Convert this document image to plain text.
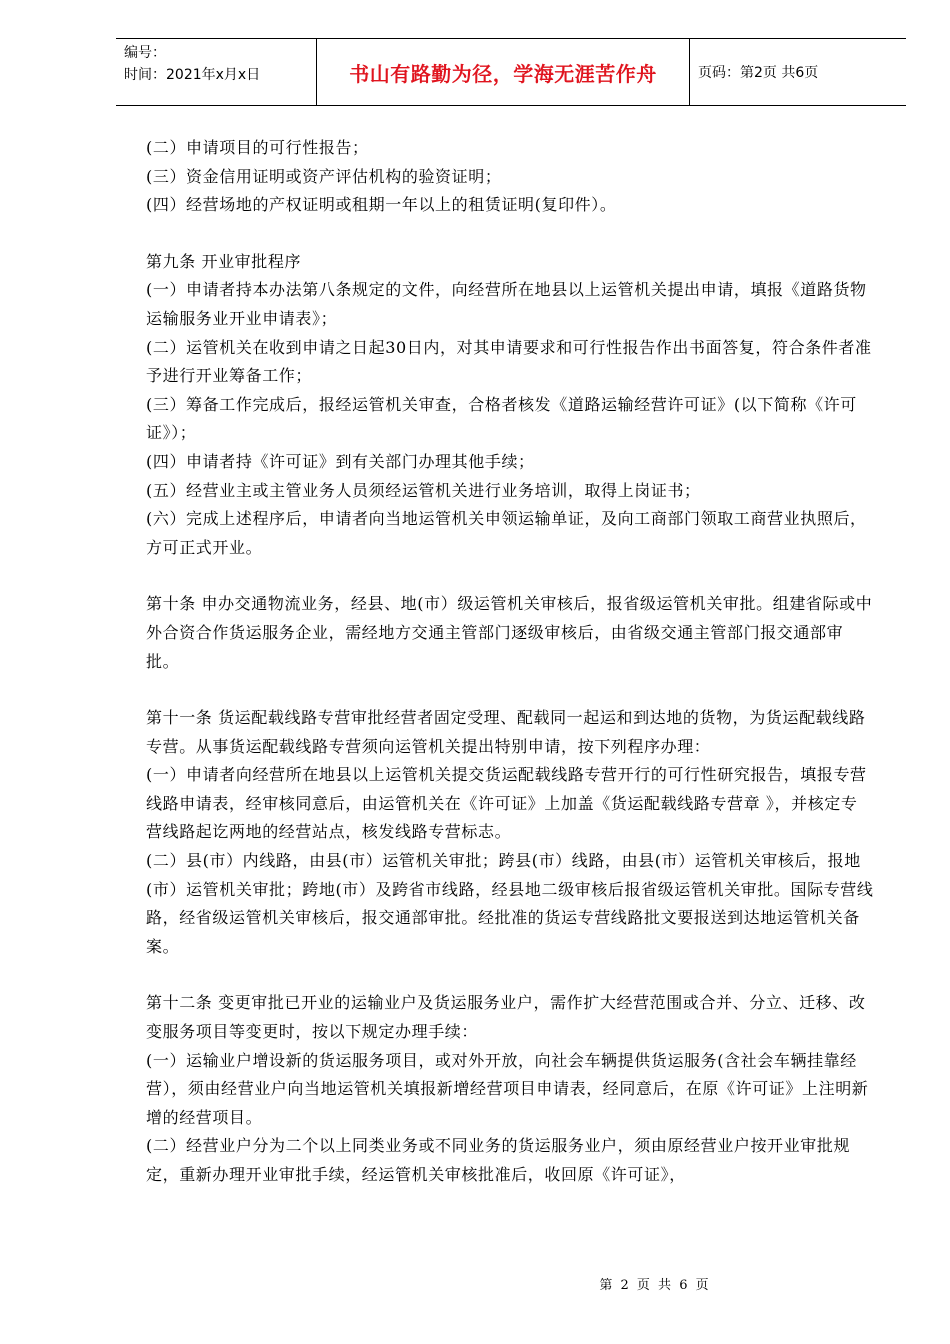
编号：
时间：2021年x月x日	书山有路勤为径，学海无涯苦作舟	页码：第2页 共6页

(二）申请项目的可行性报告；

(三）资金信用证明或资产评估机构的验资证明；

(四）经营场地的产权证明或租期一年以上的租赁证明(复印件）。

第九条 开业审批程序

(一）申请者持本办法第八条规定的文件，向经营所在地县以上运管机关提出申请，填报《道路货物运输服务业开业申请表》；

(二）运管机关在收到申请之日起30日内，对其申请要求和可行性报告作出书面答复，符合条件者准予进行开业筹备工作；

(三）筹备工作完成后，报经运管机关审查，合格者核发《道路运输经营许可证》(以下简称《许可证》）；

(四）申请者持《许可证》到有关部门办理其他手续；

(五）经营业主或主管业务人员须经运管机关进行业务培训，取得上岗证书；

(六）完成上述程序后，申请者向当地运管机关申领运输单证，及向工商部门领取工商营业执照后，方可正式开业。

第十条 申办交通物流业务，经县、地(市）级运管机关审核后，报省级运管机关审批。组建省际或中外合资合作货运服务企业，需经地方交通主管部门逐级审核后，由省级交通主管部门报交通部审批。

第十一条 货运配载线路专营审批经营者固定受理、配载同一起运和到达地的货物，为货运配载线路专营。从事货运配载线路专营须向运管机关提出特别申请，按下列程序办理：

(一）申请者向经营所在地县以上运管机关提交货运配载线路专营开行的可行性研究报告，填报专营线路申请表，经审核同意后，由运管机关在《许可证》上加盖《货运配载线路专营章 》，并核定专营线路起讫两地的经营站点，核发线路专营标志。

(二）县(市）内线路，由县(市）运管机关审批；跨县(市）线路，由县(市）运管机关审核后，报地(市）运管机关审批；跨地(市）及跨省市线路，经县地二级审核后报省级运管机关审批。国际专营线路，经省级运管机关审核后，报交通部审批。经批准的货运专营线路批文要报送到达地运管机关备案。

第十二条 变更审批已开业的运输业户及货运服务业户，需作扩大经营范围或合并、分立、迁移、改变服务项目等变更时，按以下规定办理手续：

(一）运输业户增设新的货运服务项目，或对外开放，向社会车辆提供货运服务(含社会车辆挂靠经营），须由经营业户向当地运管机关填报新增经营项目申请表，经同意后，在原《许可证》上注明新增的经营项目。

(二）经营业户分为二个以上同类业务或不同业务的货运服务业户，须由原经营业户按开业审批规定，重新办理开业审批手续，经运管机关审核批准后，收回原《许可证》，

第 2 页 共 6 页
